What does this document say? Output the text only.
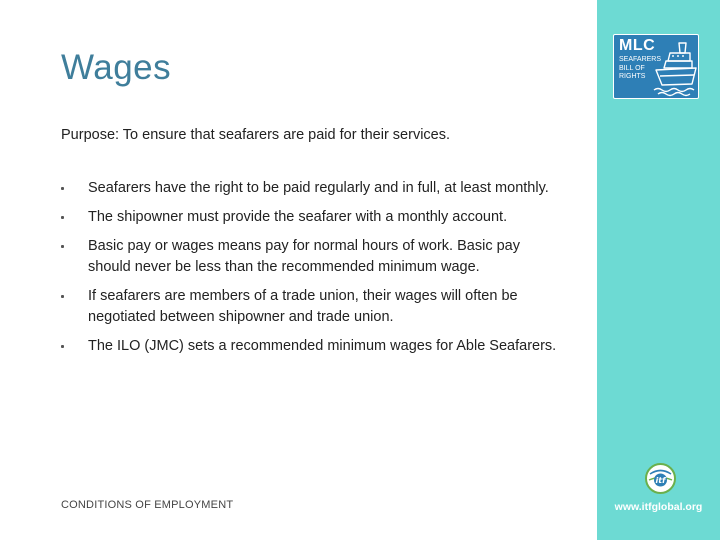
Wages

Purpose: To ensure that seafarers are paid for their services.

Seafarers have the right to be paid regularly and in full, at least monthly.
The shipowner must provide the seafarer with a monthly account.
Basic pay or wages means pay for normal hours of work. Basic pay should never be less than the recommended minimum wage.
If seafarers are members of a trade union, their wages will often be negotiated between shipowner and trade union.
The ILO (JMC) sets a recommended minimum wages for Able Seafarers.
CONDITIONS OF EMPLOYMENT
MLC
SEAFARERS
BILL OF
RIGHTS
itf
www.itfglobal.org
